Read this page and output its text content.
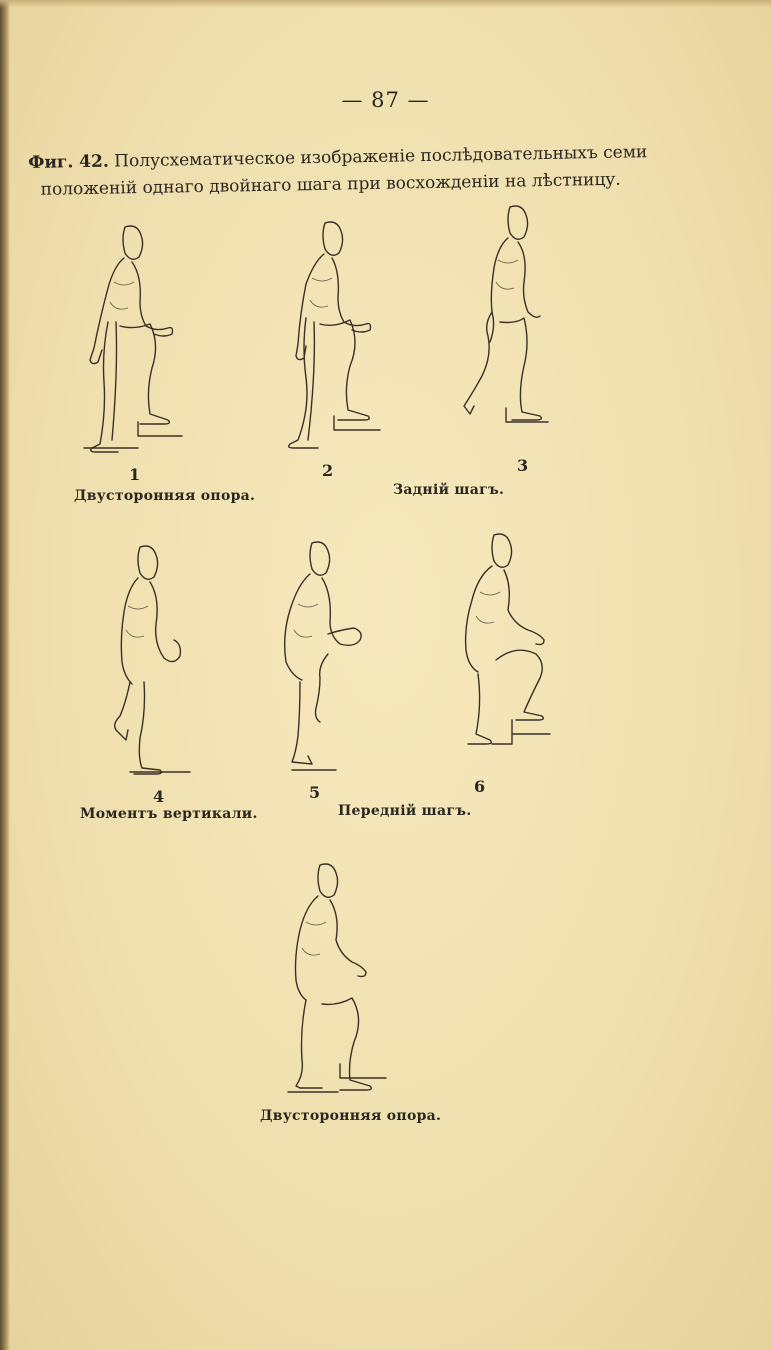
— 87 —
Фиг. 42. Полусхематическое изображенiе послѣдовательныхъ семи
положенiй однаго двойнаго шага при восхожденiи на лѣстницу.
1	2	3
Двусторонняя опора.	Заднiй шагъ.
4	5	6
Моментъ вертикали.	Переднiй шагъ.
Двусторонняя опора.
